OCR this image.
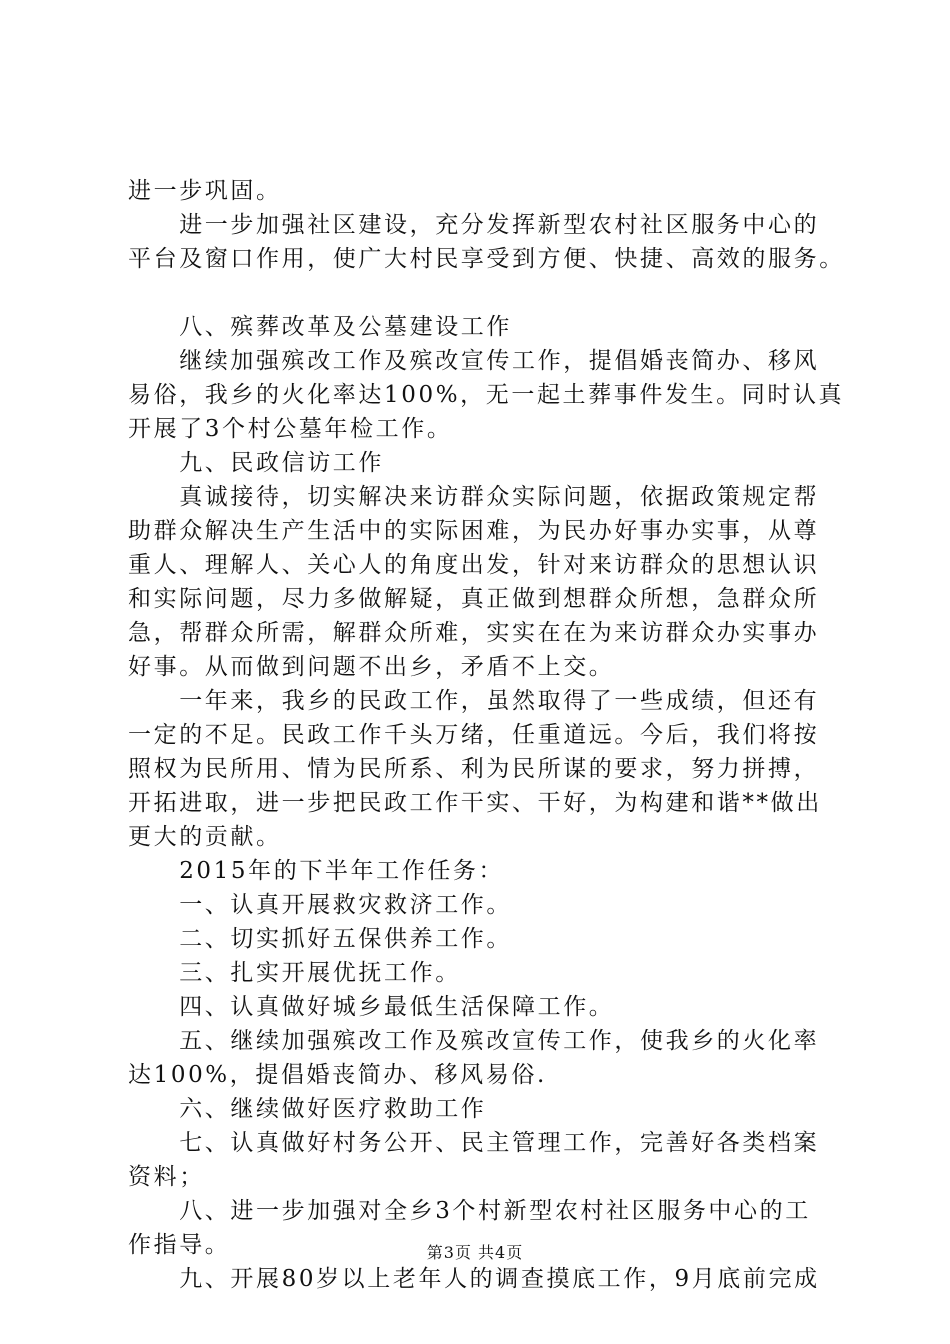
进一步巩固。
　　进一步加强社区建设，充分发挥新型农村社区服务中心的
平台及窗口作用，使广大村民享受到方便、快捷、高效的服务。
　　八、殡葬改革及公墓建设工作
　　继续加强殡改工作及殡改宣传工作，提倡婚丧简办、移风
易俗，我乡的火化率达100%，无一起土葬事件发生。同时认真
开展了3个村公墓年检工作。
　　九、民政信访工作
　　真诚接待，切实解决来访群众实际问题，依据政策规定帮
助群众解决生产生活中的实际困难，为民办好事办实事，从尊
重人、理解人、关心人的角度出发，针对来访群众的思想认识
和实际问题，尽力多做解疑，真正做到想群众所想，急群众所
急，帮群众所需，解群众所难，实实在在为来访群众办实事办
好事。从而做到问题不出乡，矛盾不上交。
　　一年来，我乡的民政工作，虽然取得了一些成绩，但还有
一定的不足。民政工作千头万绪，任重道远。今后，我们将按
照权为民所用、情为民所系、利为民所谋的要求，努力拼搏，
开拓进取，进一步把民政工作干实、干好，为构建和谐**做出
更大的贡献。
　　2015年的下半年工作任务：
　　一、认真开展救灾救济工作。
　　二、切实抓好五保供养工作。
　　三、扎实开展优抚工作。
　　四、认真做好城乡最低生活保障工作。
　　五、继续加强殡改工作及殡改宣传工作，使我乡的火化率
达100%，提倡婚丧简办、移风易俗.
　　六、继续做好医疗救助工作
　　七、认真做好村务公开、民主管理工作，完善好各类档案
资料；
　　八、进一步加强对全乡3个村新型农村社区服务中心的工
作指导。
　　九、开展80岁以上老年人的调查摸底工作，9月底前完成
第3页 共4页
